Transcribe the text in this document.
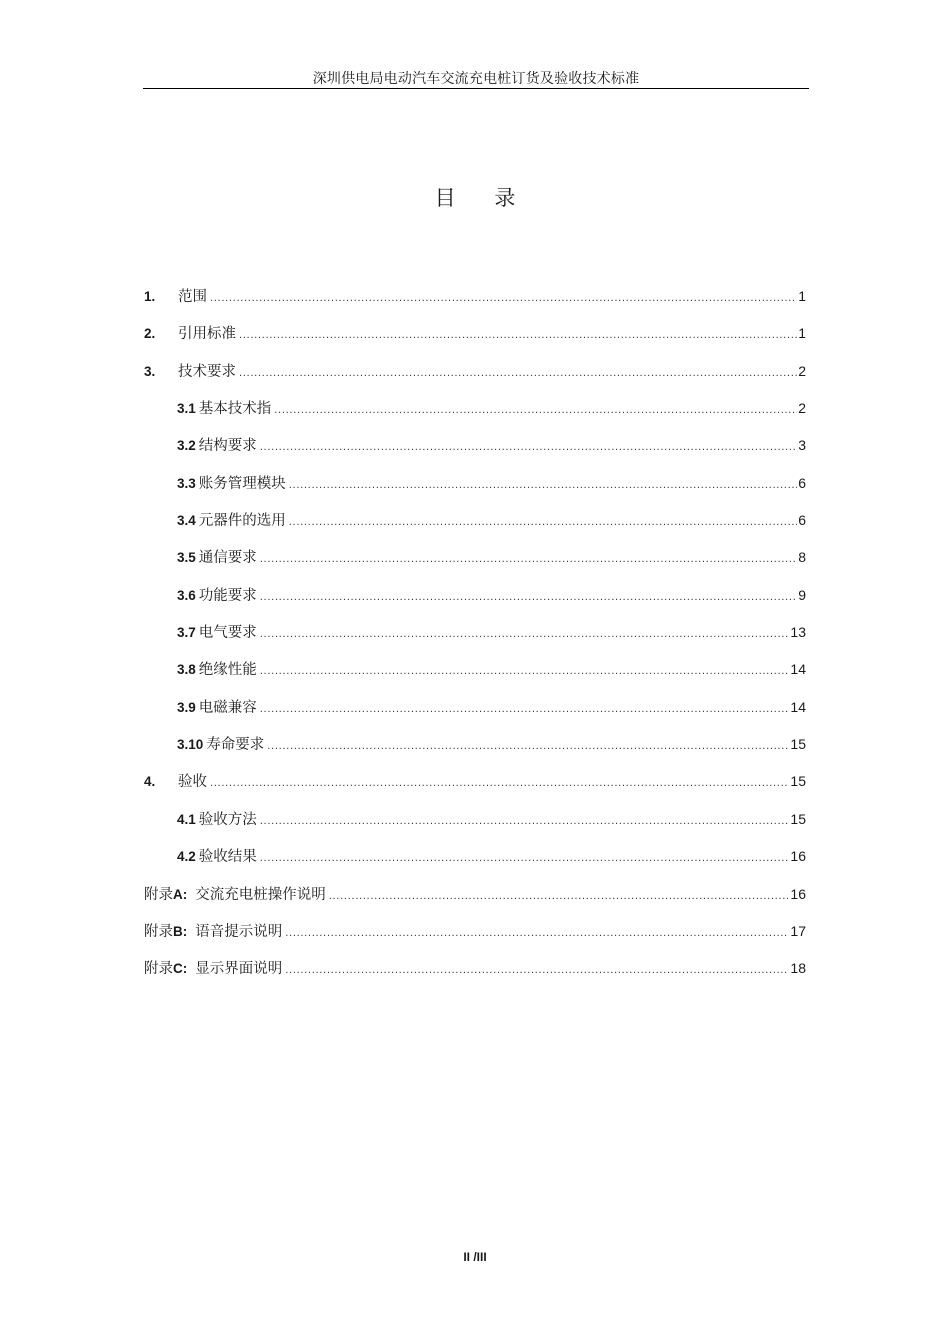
深圳供电局电动汽车交流充电桩订货及验收技术标准
目 录
1.	范围 .....	1
2.	引用标准 .....	1
3.	技术要求 .....	2
3.1 基本技术指 .....	2
3.2 结构要求 .....	3
3.3 账务管理模块 .....	6
3.4 元器件的选用 .....	6
3.5 通信要求 .....	8
3.6 功能要求 .....	9
3.7 电气要求 .....	13
3.8 绝缘性能 .....	14
3.9 电磁兼容 .....	14
3.10 寿命要求 .....	15
4.	验收 .....	15
4.1 验收方法 .....	15
4.2 验收结果 .....	16
附录 A: 交流充电桩操作说明 .....	16
附录 B: 语音提示说明 .....	17
附录 C: 显示界面说明 .....	18
II /III
